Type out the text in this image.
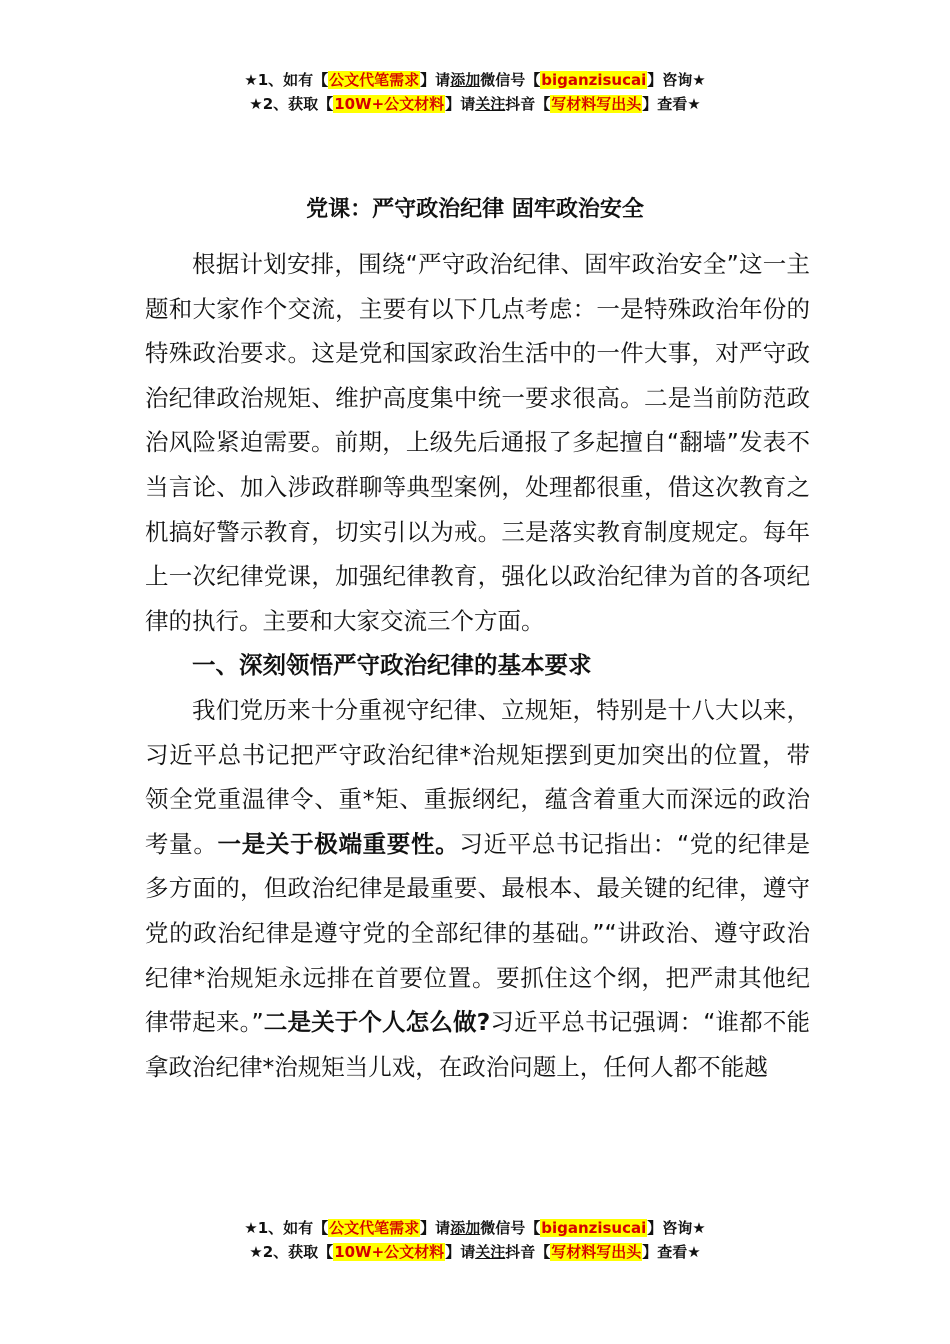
★1、如有【公文代笔需求】请添加微信号【biganzisucai】咨询★
★2、获取【10W+公文材料】请关注抖音【写材料写出头】查看★
党课：严守政治纪律 固牢政治安全

根据计划安排，围绕“严守政治纪律、固牢政治安全”这一主题和大家作个交流，主要有以下几点考虑：一是特殊政治年份的特殊政治要求。这是党和国家政治生活中的一件大事，对严守政治纪律政治规矩、维护高度集中统一要求很高。二是当前防范政治风险紧迫需要。前期，上级先后通报了多起擅自“翻墙”发表不当言论、加入涉政群聊等典型案例，处理都很重，借这次教育之机搞好警示教育，切实引以为戒。三是落实教育制度规定。每年上一次纪律党课，加强纪律教育，强化以政治纪律为首的各项纪律的执行。主要和大家交流三个方面。

一、深刻领悟严守政治纪律的基本要求

我们党历来十分重视守纪律、立规矩，特别是十八大以来，习近平总书记把严守政治纪律*治规矩摆到更加突出的位置，带领全党重温律令、重*矩、重振纲纪，蕴含着重大而深远的政治考量。一是关于极端重要性。习近平总书记指出：“党的纪律是多方面的，但政治纪律是最重要、最根本、最关键的纪律，遵守党的政治纪律是遵守党的全部纪律的基础。”“讲政治、遵守政治纪律*治规矩永远排在首要位置。要抓住这个纲，把严肃其他纪律带起来。”二是关于个人怎么做?习近平总书记强调：“谁都不能拿政治纪律*治规矩当儿戏，在政治问题上，任何人都不能越

★1、如有【公文代笔需求】请添加微信号【biganzisucai】咨询★
★2、获取【10W+公文材料】请关注抖音【写材料写出头】查看★
